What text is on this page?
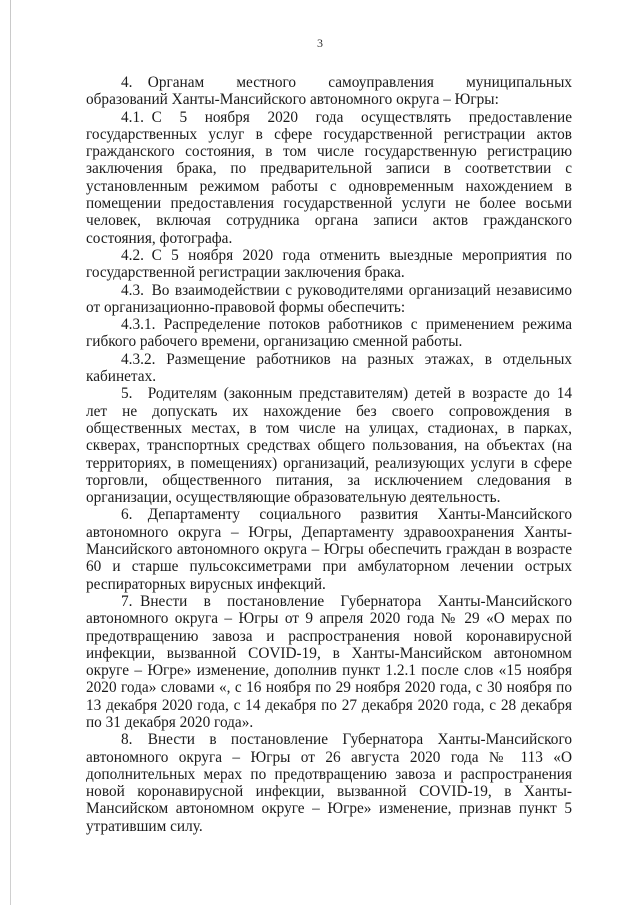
3

4. Органам местного самоуправления муниципальных образований Ханты-Мансийского автономного округа – Югры:

4.1. С 5 ноября 2020 года осуществлять предоставление государственных услуг в сфере государственной регистрации актов гражданского состояния, в том числе государственную регистрацию заключения брака, по предварительной записи в соответствии с установленным режимом работы с одновременным нахождением в помещении предоставления государственной услуги не более восьми человек, включая сотрудника органа записи актов гражданского состояния, фотографа.

4.2. С 5 ноября 2020 года отменить выездные мероприятия по государственной регистрации заключения брака.

4.3. Во взаимодействии с руководителями организаций независимо от организационно-правовой формы обеспечить:

4.3.1. Распределение потоков работников с применением режима гибкого рабочего времени, организацию сменной работы.

4.3.2. Размещение работников на разных этажах, в отдельных кабинетах.

5. Родителям (законным представителям) детей в возрасте до 14 лет не допускать их нахождение без своего сопровождения в общественных местах, в том числе на улицах, стадионах, в парках, скверах, транспортных средствах общего пользования, на объектах (на территориях, в помещениях) организаций, реализующих услуги в сфере торговли, общественного питания, за исключением следования в организации, осуществляющие образовательную деятельность.

6. Департаменту социального развития Ханты-Мансийского автономного округа – Югры, Департаменту здравоохранения Ханты-Мансийского автономного округа – Югры обеспечить граждан в возрасте 60 и старше пульсоксиметрами при амбулаторном лечении острых респираторных вирусных инфекций.

7. Внести в постановление Губернатора Ханты-Мансийского автономного округа – Югры от 9 апреля 2020 года № 29 «О мерах по предотвращению завоза и распространения новой коронавирусной инфекции, вызванной COVID-19, в Ханты-Мансийском автономном округе – Югре» изменение, дополнив пункт 1.2.1 после слов «15 ноября 2020 года» словами «, с 16 ноября по 29 ноября 2020 года, с 30 ноября по 13 декабря 2020 года, с 14 декабря по 27 декабря 2020 года, с 28 декабря по 31 декабря 2020 года».

8. Внести в постановление Губернатора Ханты-Мансийского автономного округа – Югры от 26 августа 2020 года № 113 «О дополнительных мерах по предотвращению завоза и распространения новой коронавирусной инфекции, вызванной COVID-19, в Ханты-Мансийском автономном округе – Югре» изменение, признав пункт 5 утратившим силу.
